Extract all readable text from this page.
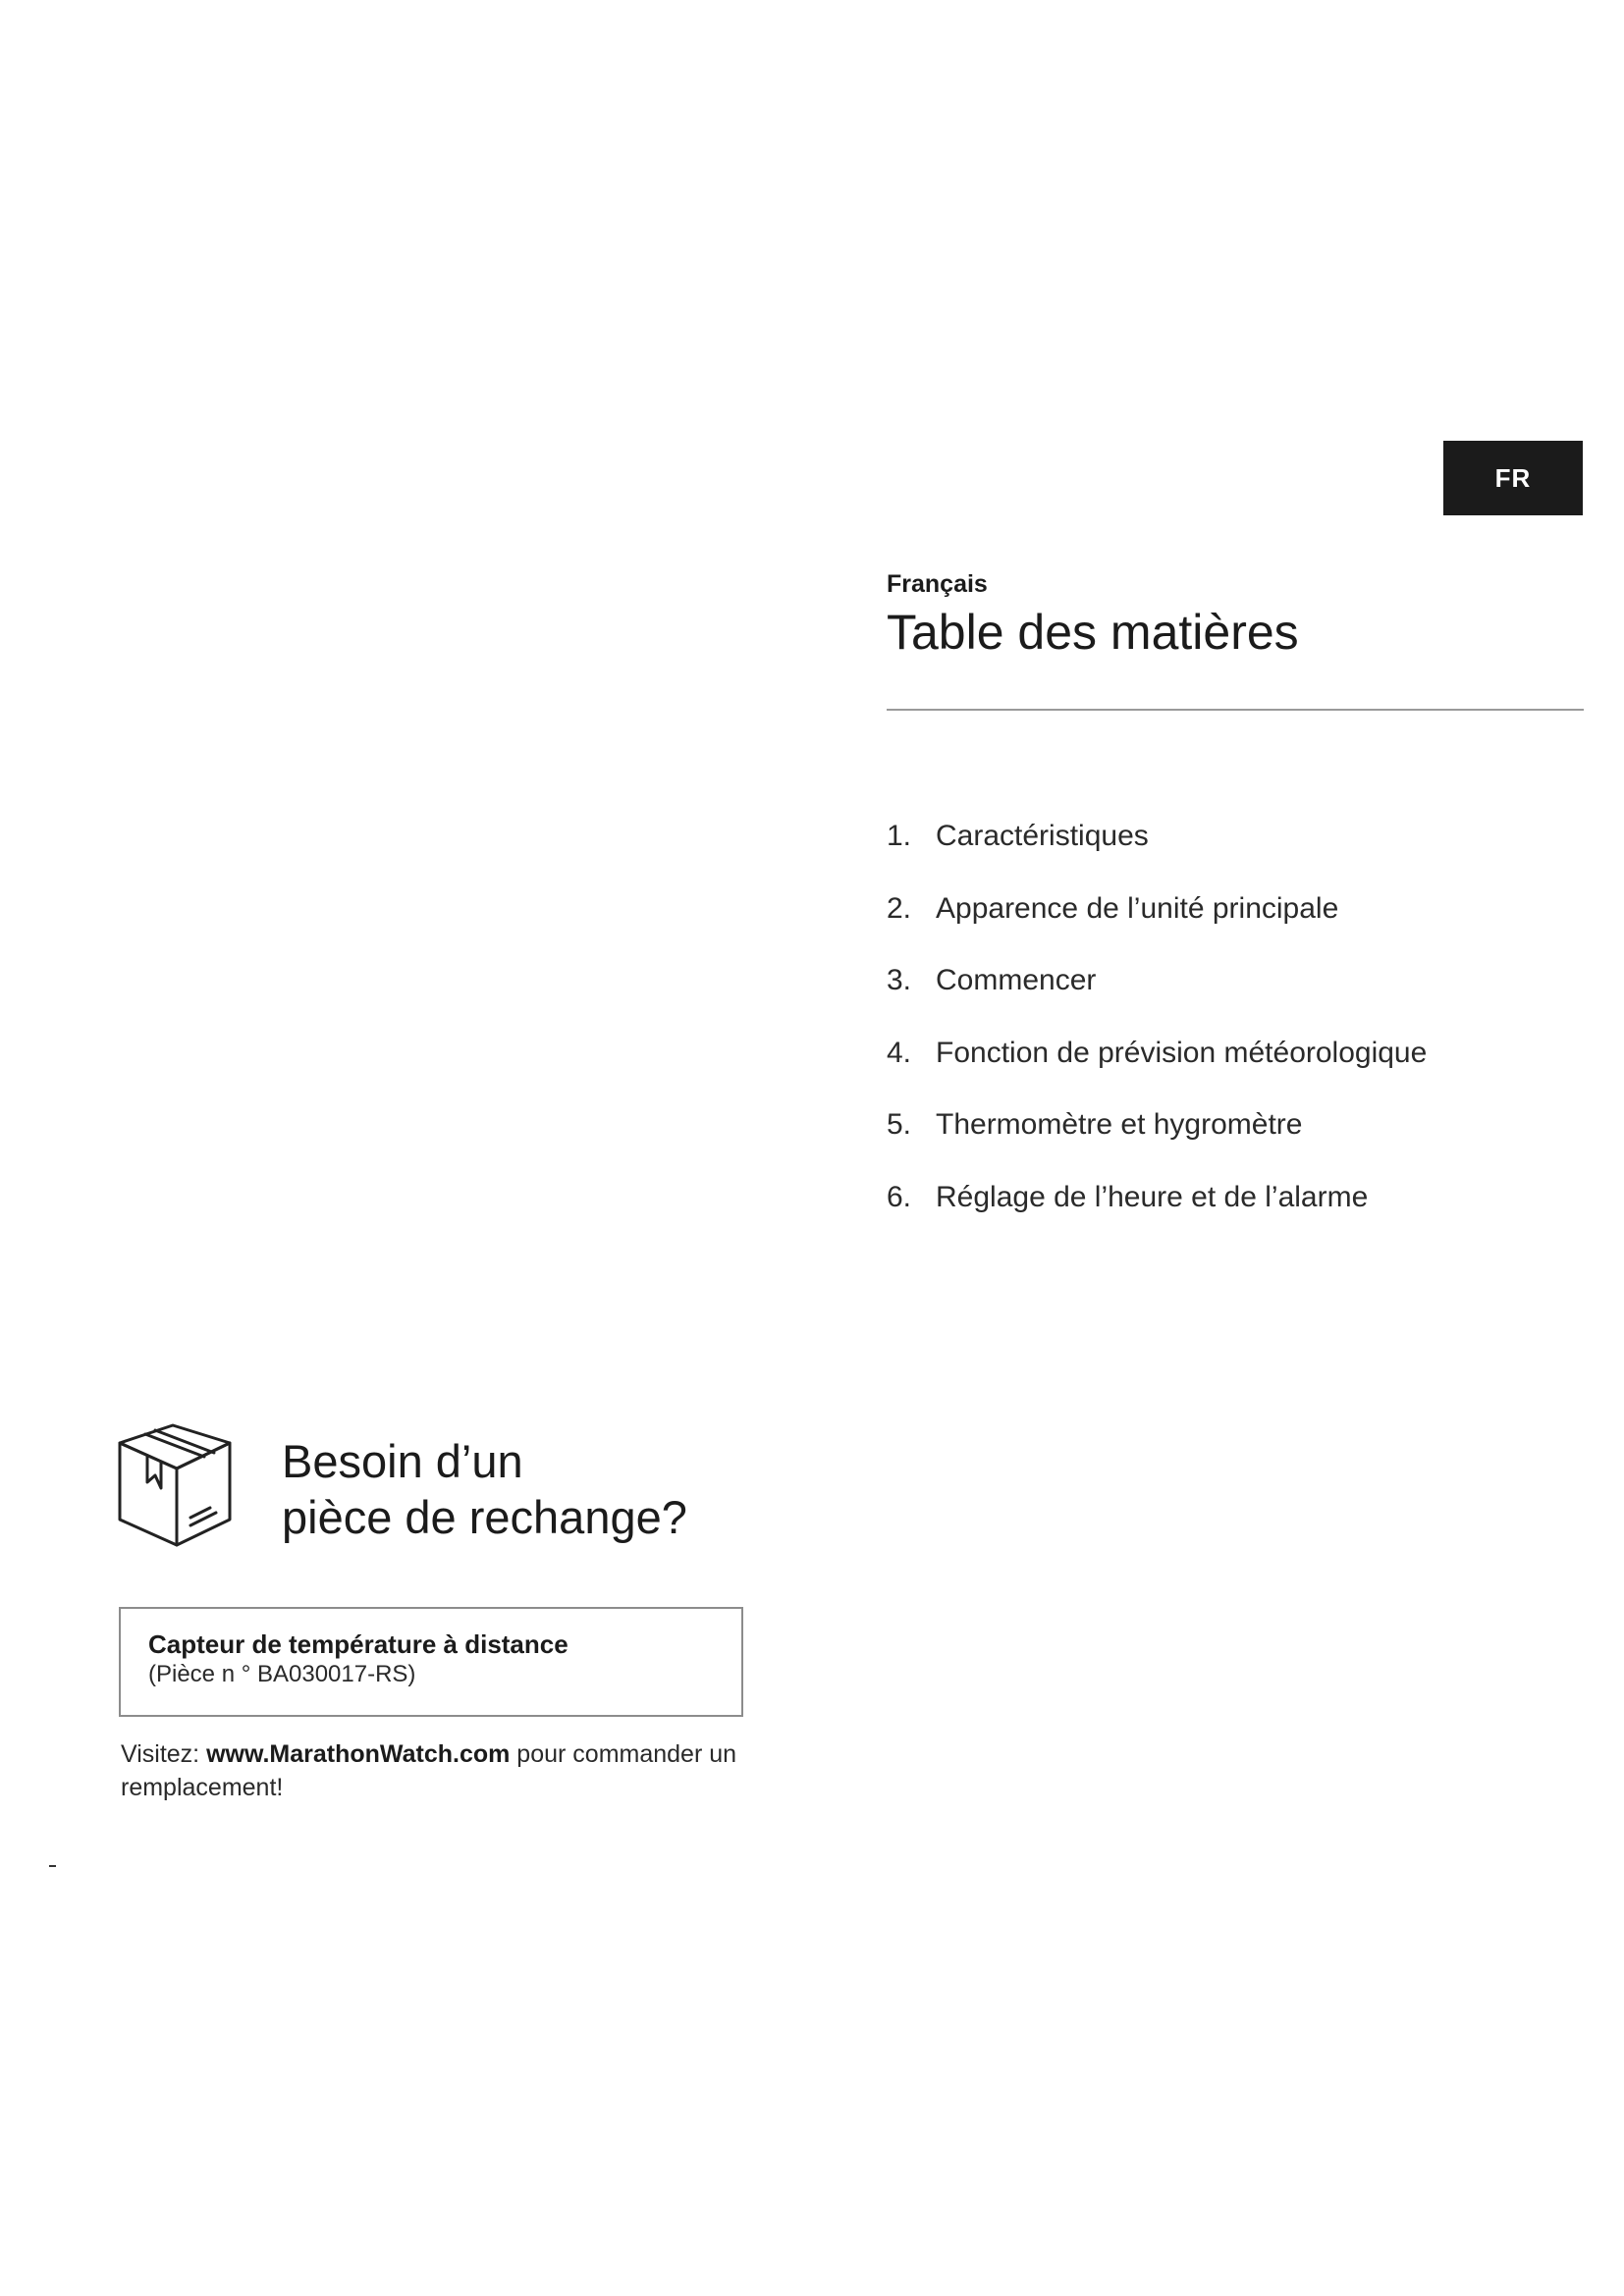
FR

Français

Table des matières
1. Caractéristiques
2. Apparence de l’unité principale
3. Commencer
4. Fonction de prévision météorologique
5. Thermomètre et hygromètre
6. Réglage de l’heure et de l’alarme
Besoin d’un
pièce de rechange?
Capteur de température à distance
(Pièce n ° BA030017-RS)

Visitez: www.MarathonWatch.com pour commander un remplacement!
